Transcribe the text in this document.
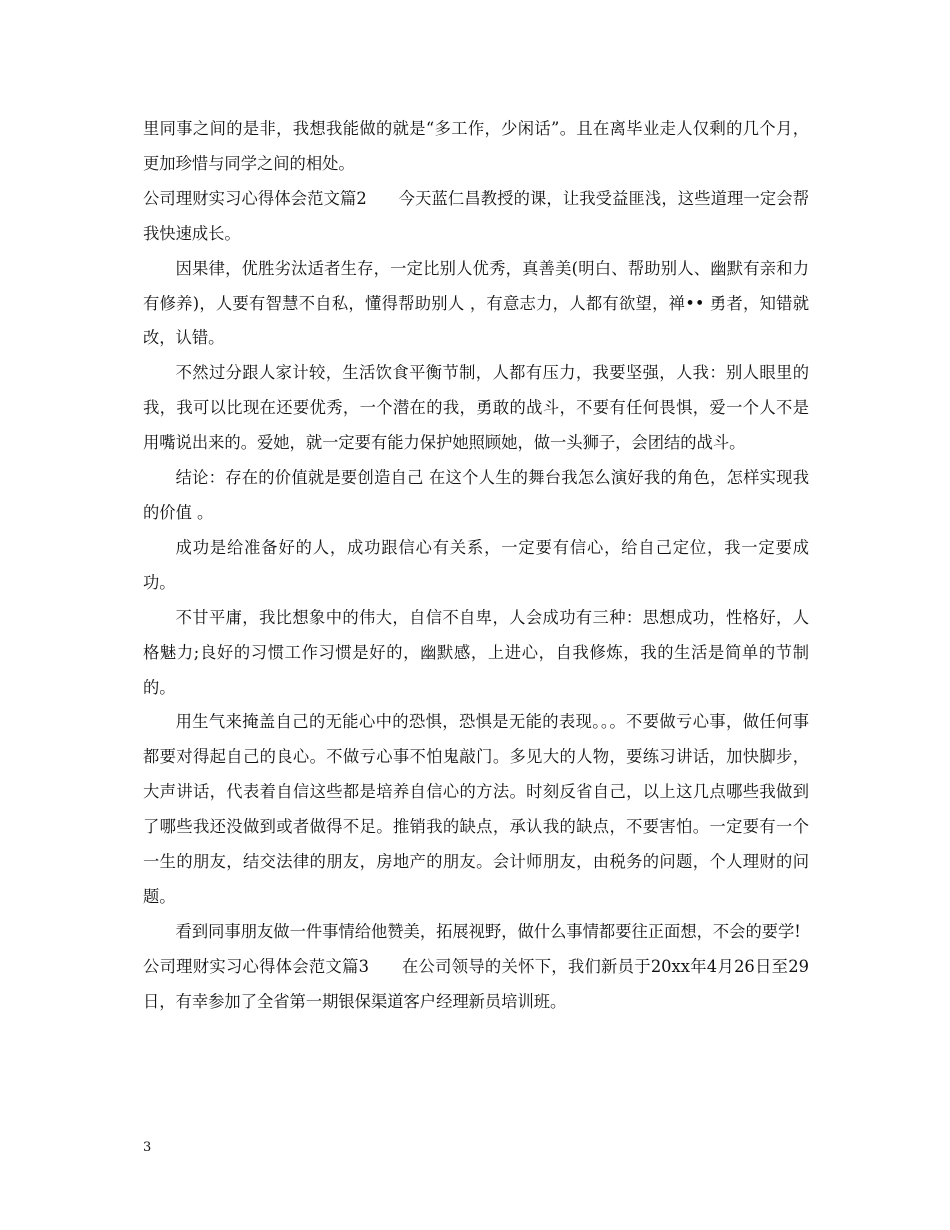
里同事之间的是非，我想我能做的就是“多工作，少闲话”。且在离毕业走人仅剩的几个月，更加珍惜与同学之间的相处。

公司理财实习心得体会范文篇2 今天蓝仁昌教授的课，让我受益匪浅，这些道理一定会帮我快速成长。

因果律，优胜劣汰适者生存，一定比别人优秀，真善美(明白、帮助别人、幽默有亲和力有修养)，人要有智慧不自私，懂得帮助别人 ，有意志力，人都有欲望，禅•• 勇者，知错就改，认错。

不然过分跟人家计较，生活饮食平衡节制，人都有压力，我要坚强，人我：别人眼里的我，我可以比现在还要优秀，一个潜在的我，勇敢的战斗，不要有任何畏惧，爱一个人不是用嘴说出来的。爱她，就一定要有能力保护她照顾她，做一头狮子，会团结的战斗。

结论：存在的价值就是要创造自己 在这个人生的舞台我怎么演好我的角色，怎样实现我的价值 。

成功是给准备好的人，成功跟信心有关系，一定要有信心，给自己定位，我一定要成功。

不甘平庸，我比想象中的伟大，自信不自卑，人会成功有三种：思想成功，性格好，人格魅力;良好的习惯工作习惯是好的，幽默感，上进心，自我修炼，我的生活是简单的节制的。

用生气来掩盖自己的无能心中的恐惧，恐惧是无能的表现。。。不要做亏心事，做任何事都要对得起自己的良心。不做亏心事不怕鬼敲门。多见大的人物，要练习讲话，加快脚步，大声讲话，代表着自信这些都是培养自信心的方法。时刻反省自己，以上这几点哪些我做到了哪些我还没做到或者做得不足。推销我的缺点，承认我的缺点，不要害怕。一定要有一个一生的朋友，结交法律的朋友，房地产的朋友。会计师朋友，由税务的问题，个人理财的问题。

看到同事朋友做一件事情给他赞美，拓展视野，做什么事情都要往正面想，不会的要学!

公司理财实习心得体会范文篇3 在公司领导的关怀下，我们新员于20xx年4月26日至29日，有幸参加了全省第一期银保渠道客户经理新员培训班。

3
